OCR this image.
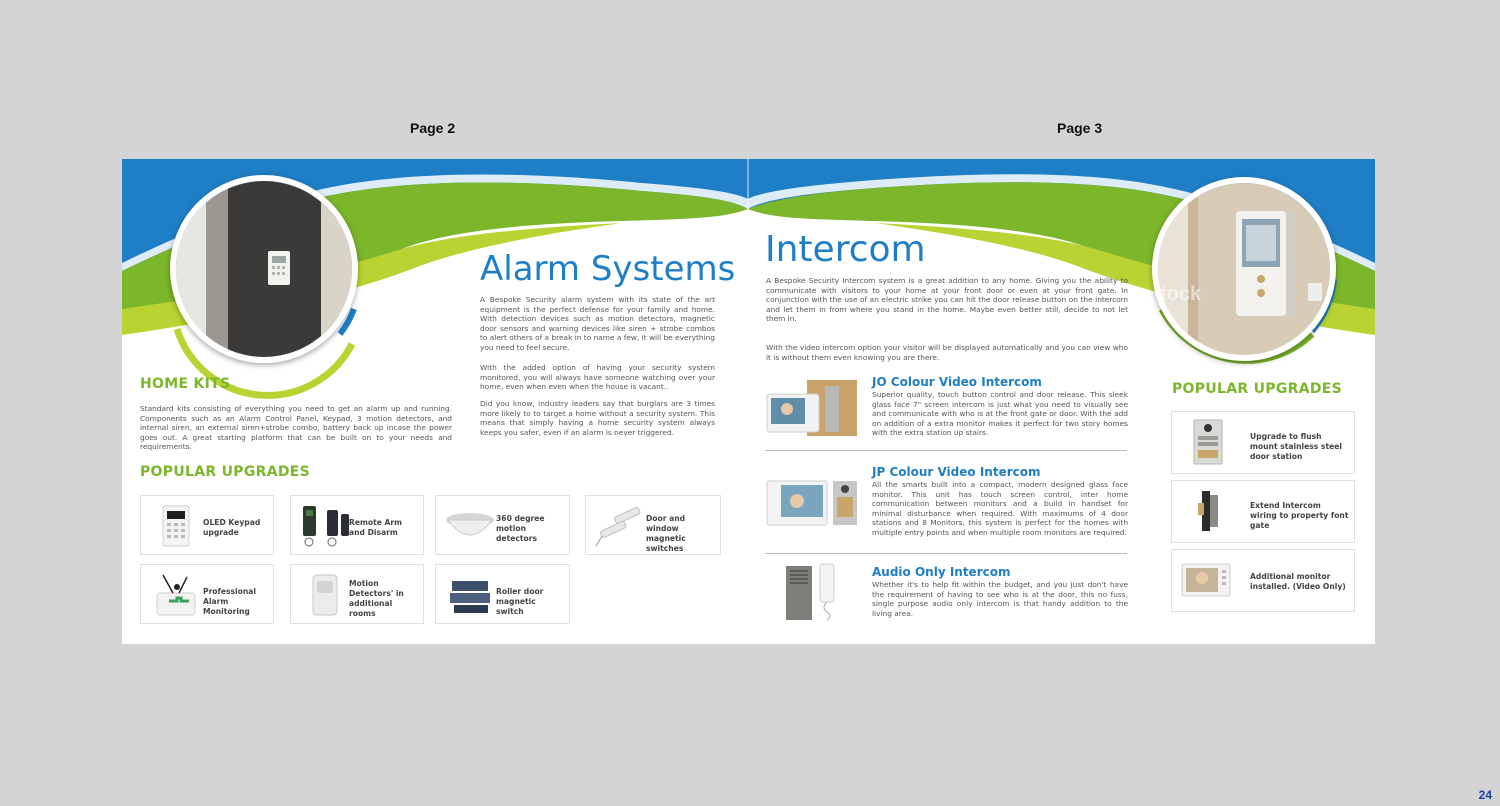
Page 2	Page 3
tock
HOME KITS
Standard kits consisting of everything you need to get an alarm up and running. Components such as an Alarm Control Panel, Keypad, 3 motion detectors, and internal siren, an external siren+strobe combo, battery back up incase the power goes out. A great starting platform that can be built on to your needs and requirements.
POPULAR UPGRADES
OLED Keypad upgrade
Remote Arm and Disarm
360 degree motion detectors
Door and window magnetic switches
Professional Alarm Monitoring
Motion Detectors' in additional rooms
Roller door magnetic switch
Alarm Systems
A Bespoke Security alarm system with its state of the art equipment is the perfect defense for your family and home. With detection devices such as motion detectors, magnetic door sensors and warning devices like siren + strobe combos to alert others of a break in to name a few, it will be everything you need to feel secure.
With the added option of having your security system monitored, you will always have someone watching over your home, even when even when the house is vacant..
Did you know, industry leaders say that burglars are 3 times more likely to to target a home without a security system. This means that simply having a home security system always keeps you safer, even if an alarm is never triggered.
Intercom
A Bespoke Security Intercom system is a great addition to any home. Giving you the ability to communicate with visitors to your home at your front door or even at your front gate. In conjunction with the use of an electric strike you can hit the door release button on the intercom and let them in from where you stand in the home. Maybe even better still, decide to not let them in.
With the video intercom option your visitor will be displayed automatically and you can view who it is without them even knowing you are there.
JO Colour Video Intercom
Superior quality, touch button control and door release. This sleek glass face 7" screen intercom is just what you need to visually see and communicate with who is at the front gate or door. With the add on addition of a extra monitor makes it perfect for two story homes with the extra station up stairs.
JP Colour Video Intercom
All the smarts built into a compact, modern designed glass face monitor. This unit has touch screen control, inter home communication between monitors and a build in handset for minimal disturbance when required. With maximums of 4 door stations and 8 Monitors, this system is perfect for the homes with multiple entry points and when multiple room monitors are required.
Audio Only Intercom
Whether it's to help fit within the budget, and you just don't have the requirement of having to see who is at the door, this no fuss, single purpose audio only intercom is that handy addition to the living area.
POPULAR UPGRADES
Upgrade to flush mount stainless steel door station
Extend Intercom wiring to property font gate
Additional monitor installed. (Video Only)
24
